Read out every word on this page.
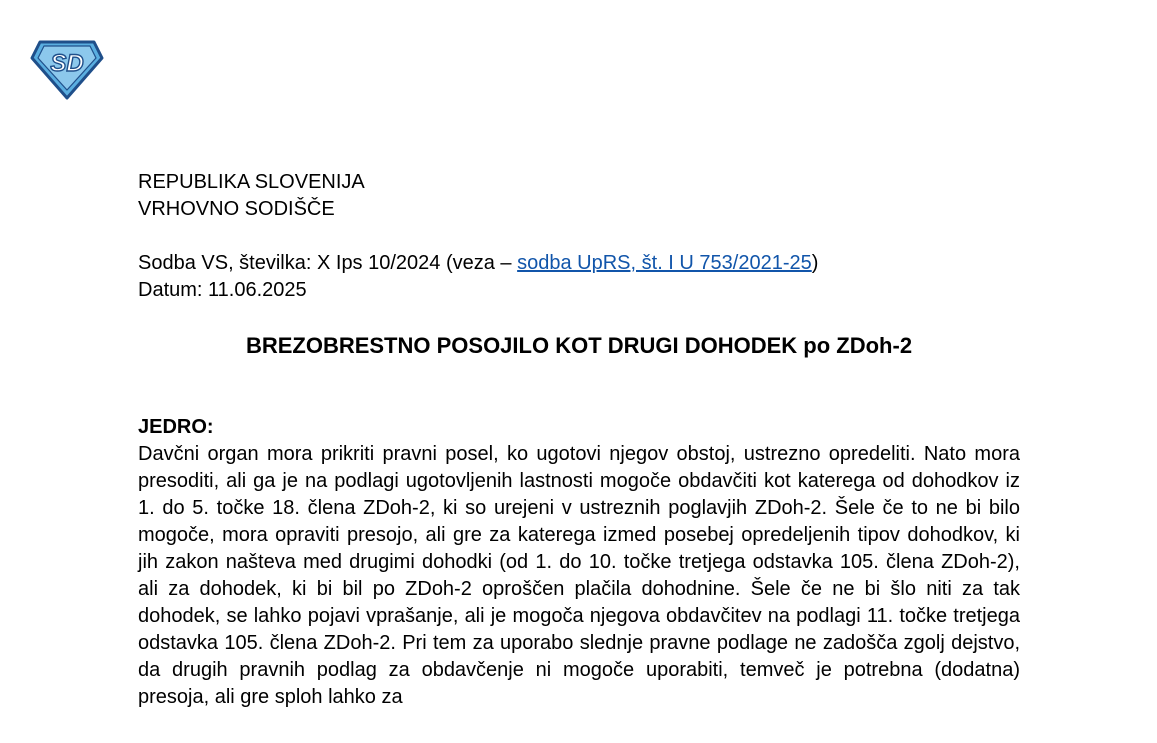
SD
REPUBLIKA SLOVENIJA
VRHOVNO SODIŠČE
Sodba VS, številka: X Ips 10/2024 (veza – sodba UpRS, št. I U 753/2021-25)
Datum: 11.06.2025
BREZOBRESTNO POSOJILO KOT DRUGI DOHODEK po ZDoh-2
JEDRO:
Davčni organ mora prikriti pravni posel, ko ugotovi njegov obstoj, ustrezno opredeliti. Nato mora presoditi, ali ga je na podlagi ugotovljenih lastnosti mogoče obdavčiti kot katerega od dohodkov iz 1. do 5. točke 18. člena ZDoh-2, ki so urejeni v ustreznih poglavjih ZDoh-2. Šele če to ne bi bilo mogoče, mora opraviti presojo, ali gre za katerega izmed posebej opredeljenih tipov dohodkov, ki jih zakon našteva med drugimi dohodki (od 1. do 10. točke tretjega odstavka 105. člena ZDoh-2), ali za dohodek, ki bi bil po ZDoh-2 oproščen plačila dohodnine. Šele če ne bi šlo niti za tak dohodek, se lahko pojavi vprašanje, ali je mogoča njegova obdavčitev na podlagi 11. točke tretjega odstavka 105. člena ZDoh-2. Pri tem za uporabo slednje pravne podlage ne zadošča zgolj dejstvo, da drugih pravnih podlag za obdavčenje ni mogoče uporabiti, temveč je potrebna (dodatna) presoja, ali gre sploh lahko za
